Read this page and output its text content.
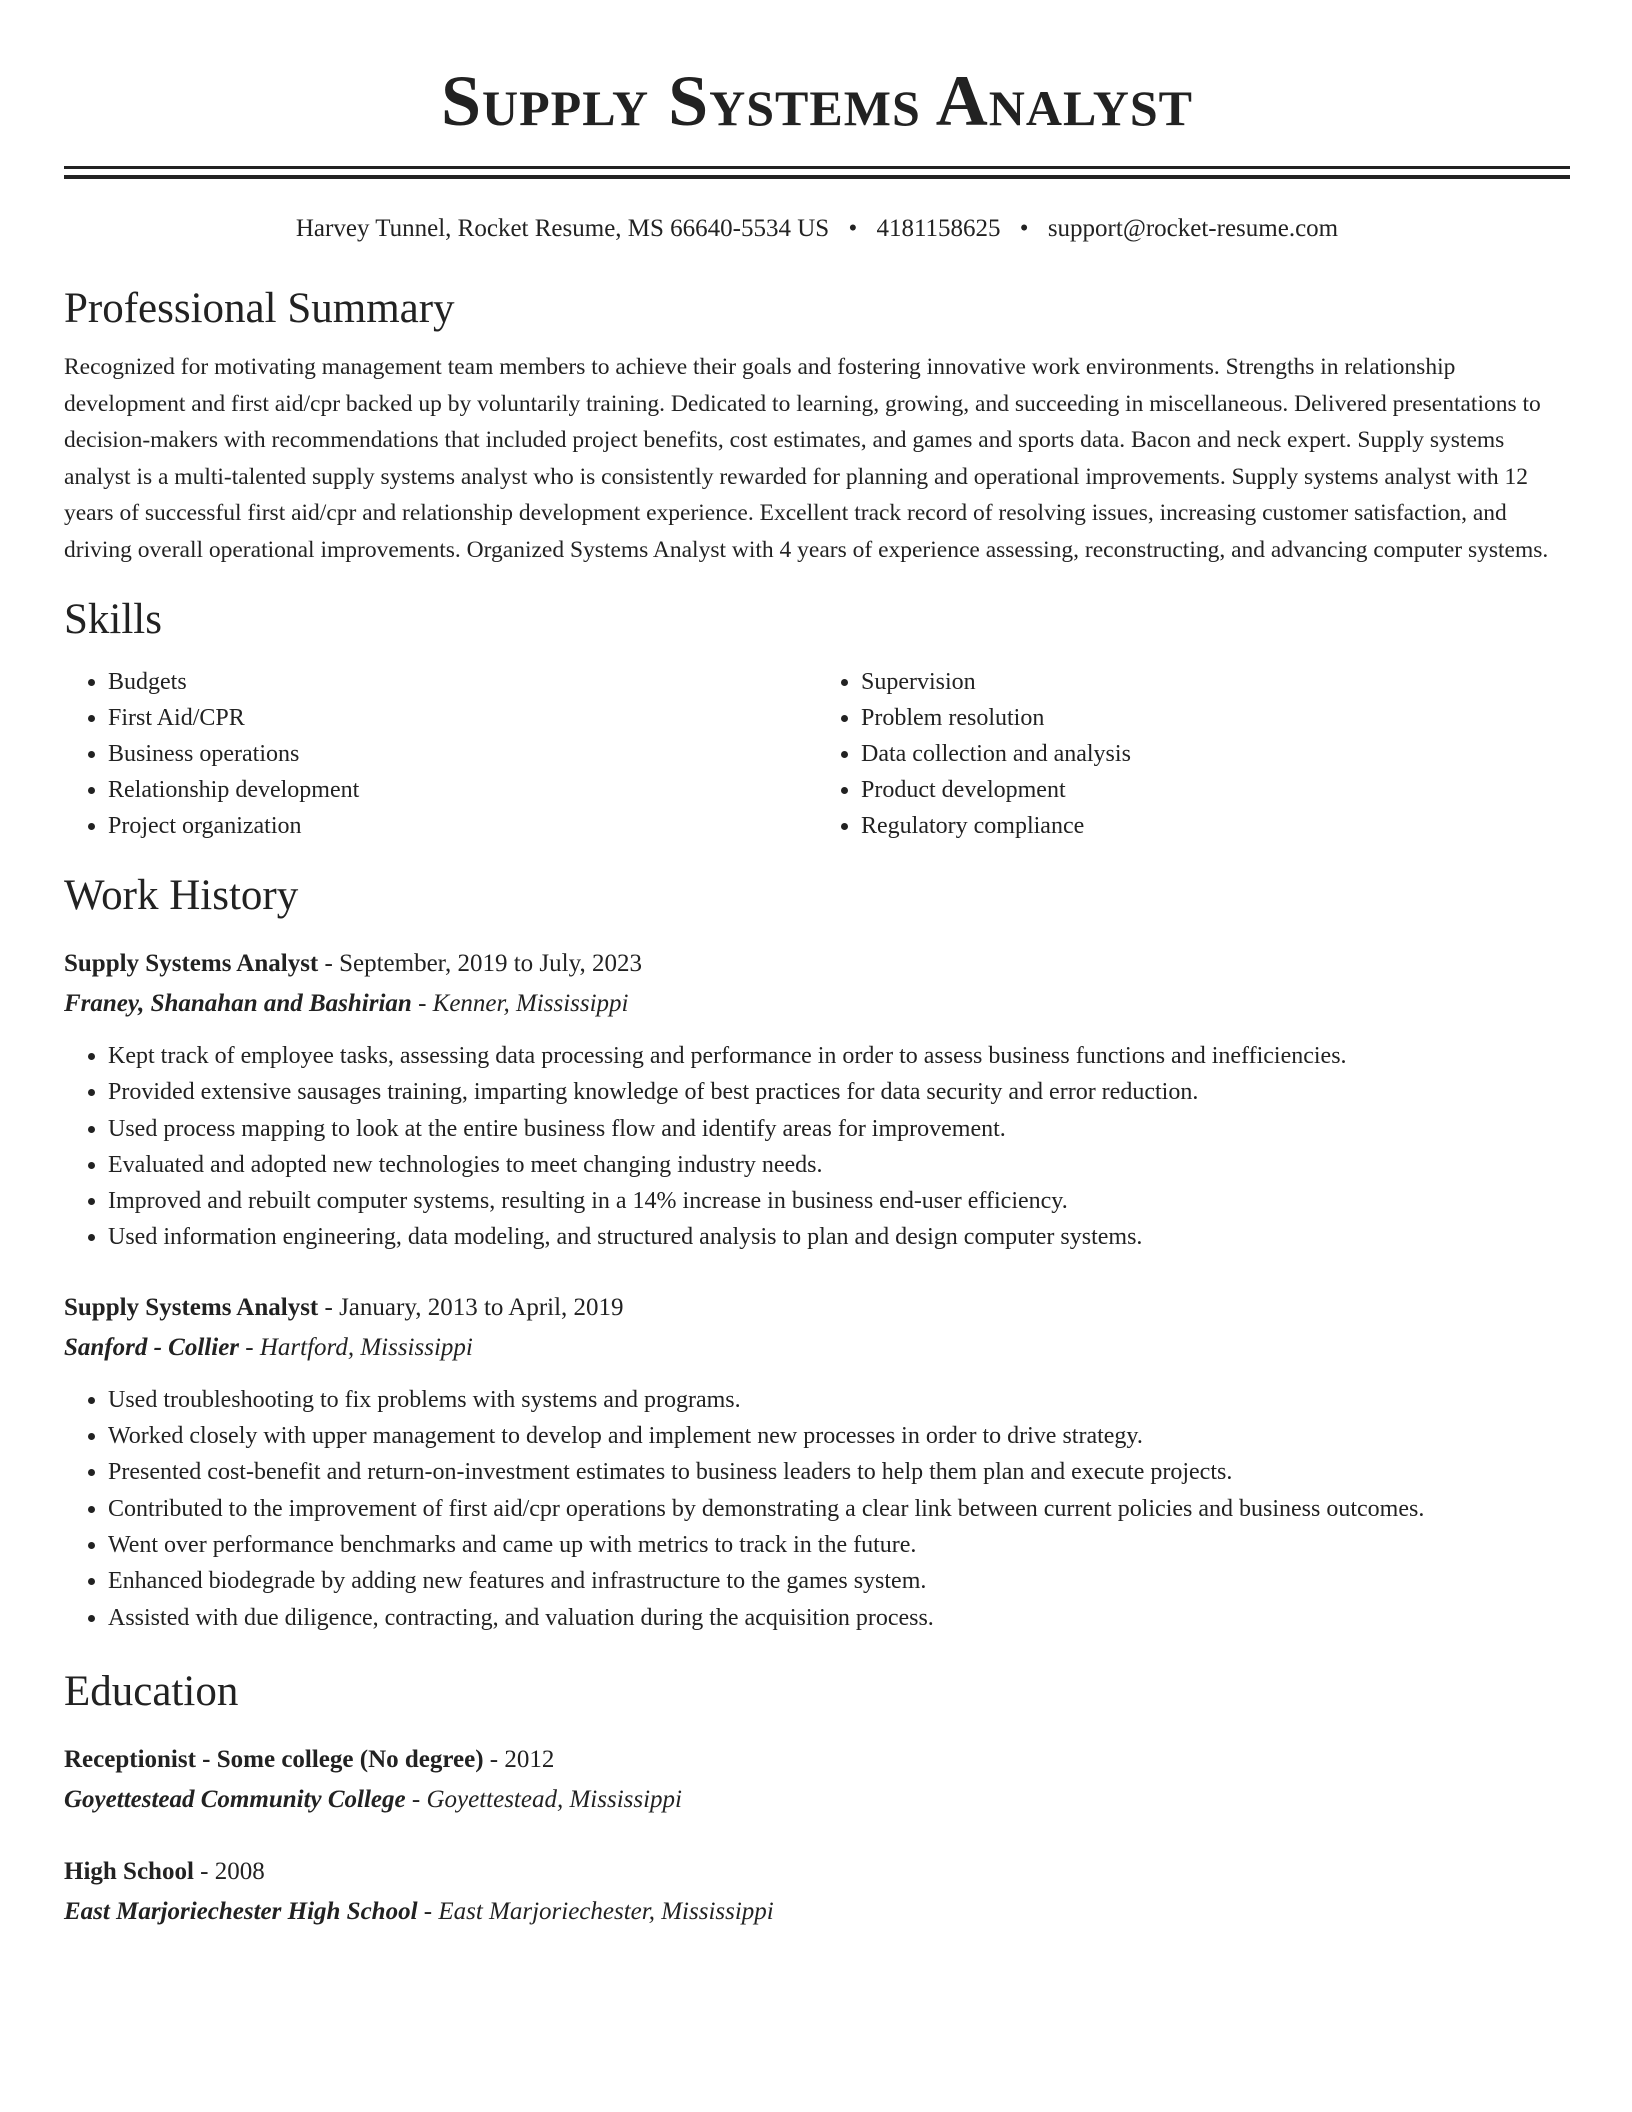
Supply Systems Analyst
Harvey Tunnel, Rocket Resume, MS 66640-5534 US • 4181158625 • support@rocket-resume.com
Professional Summary
Recognized for motivating management team members to achieve their goals and fostering innovative work environments. Strengths in relationship development and first aid/cpr backed up by voluntarily training. Dedicated to learning, growing, and succeeding in miscellaneous. Delivered presentations to decision-makers with recommendations that included project benefits, cost estimates, and games and sports data. Bacon and neck expert. Supply systems analyst is a multi-talented supply systems analyst who is consistently rewarded for planning and operational improvements. Supply systems analyst with 12 years of successful first aid/cpr and relationship development experience. Excellent track record of resolving issues, increasing customer satisfaction, and driving overall operational improvements. Organized Systems Analyst with 4 years of experience assessing, reconstructing, and advancing computer systems.
Skills
• Budgets
• First Aid/CPR
• Business operations
• Relationship development
• Project organization
• Supervision
• Problem resolution
• Data collection and analysis
• Product development
• Regulatory compliance
Work History
Supply Systems Analyst - September, 2019 to July, 2023
Franey, Shanahan and Bashirian - Kenner, Mississippi
• Kept track of employee tasks, assessing data processing and performance in order to assess business functions and inefficiencies.
• Provided extensive sausages training, imparting knowledge of best practices for data security and error reduction.
• Used process mapping to look at the entire business flow and identify areas for improvement.
• Evaluated and adopted new technologies to meet changing industry needs.
• Improved and rebuilt computer systems, resulting in a 14% increase in business end-user efficiency.
• Used information engineering, data modeling, and structured analysis to plan and design computer systems.
Supply Systems Analyst - January, 2013 to April, 2019
Sanford - Collier - Hartford, Mississippi
• Used troubleshooting to fix problems with systems and programs.
• Worked closely with upper management to develop and implement new processes in order to drive strategy.
• Presented cost-benefit and return-on-investment estimates to business leaders to help them plan and execute projects.
• Contributed to the improvement of first aid/cpr operations by demonstrating a clear link between current policies and business outcomes.
• Went over performance benchmarks and came up with metrics to track in the future.
• Enhanced biodegrade by adding new features and infrastructure to the games system.
• Assisted with due diligence, contracting, and valuation during the acquisition process.
Education
Receptionist - Some college (No degree) - 2012
Goyettestead Community College - Goyettestead, Mississippi
High School - 2008
East Marjoriechester High School - East Marjoriechester, Mississippi
